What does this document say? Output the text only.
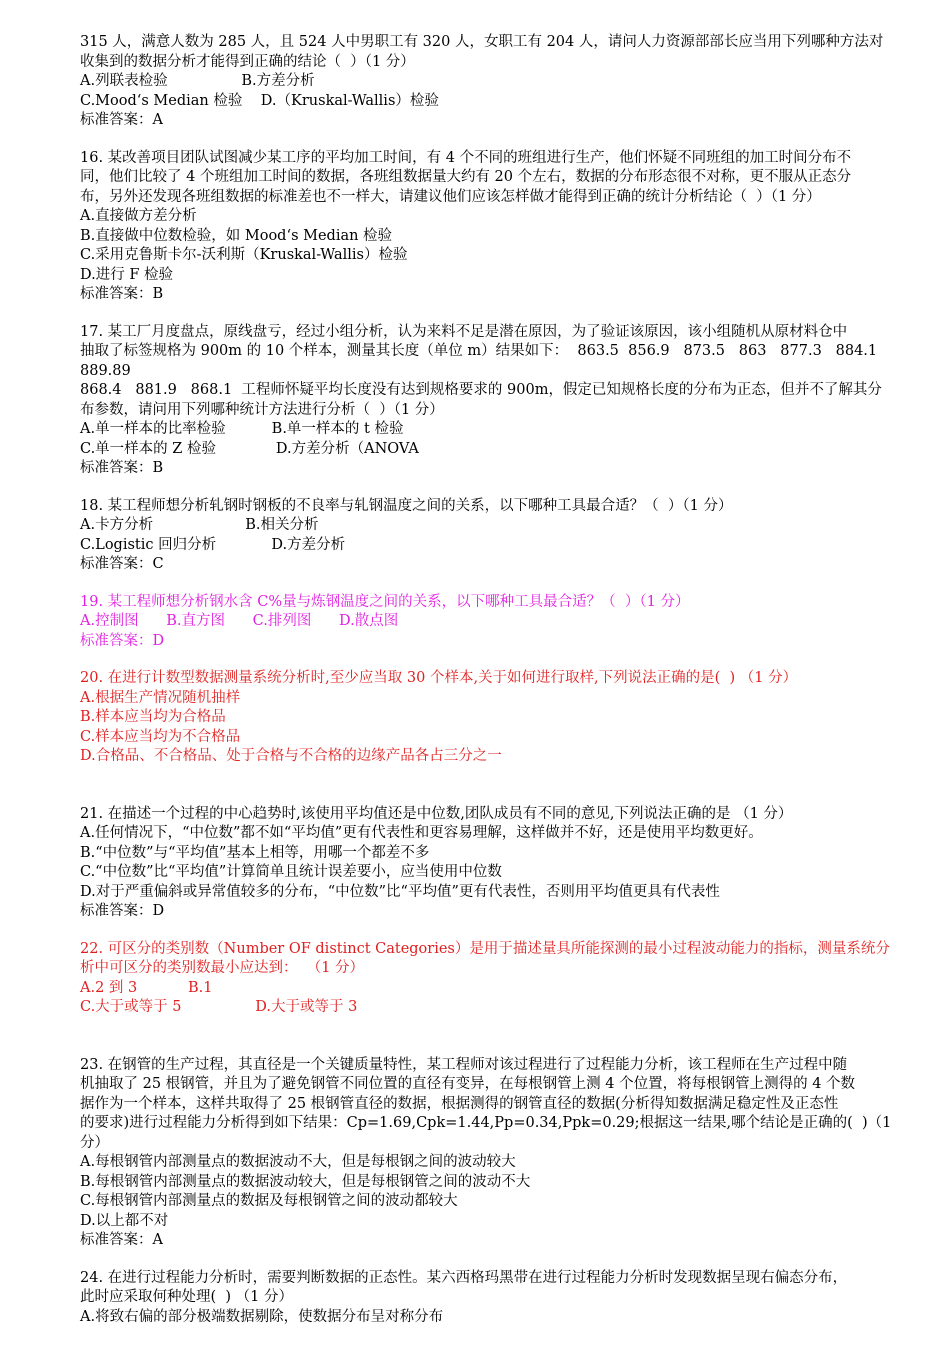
315 人，满意人数为 285 人，且 524 人中男职工有 320 人，女职工有 204 人，请问人力资源部部长应当用下列哪种方法对
收集到的数据分析才能得到正确的结论（  ）（1 分）
A.列联表检验                B.方差分析
C.Mood‘s Median 检验    D.（Kruskal-Wallis）检验
标准答案：A
16. 某改善项目团队试图减少某工序的平均加工时间，有 4 个不同的班组进行生产，他们怀疑不同班组的加工时间分布不
同，他们比较了 4 个班组加工时间的数据，各班组数据量大约有 20 个左右，数据的分布形态很不对称，更不服从正态分
布，另外还发现各班组数据的标准差也不一样大，请建议他们应该怎样做才能得到正确的统计分析结论（  ）（1 分）
A.直接做方差分析
B.直接做中位数检验，如 Mood‘s Median 检验
C.采用克鲁斯卡尔-沃利斯（Kruskal-Wallis）检验
D.进行 F 检验
标准答案：B
17. 某工厂月度盘点，原线盘亏，经过小组分析，认为来料不足是潜在原因，为了验证该原因，该小组随机从原材料仓中
抽取了标签规格为 900m 的 10 个样本，测量其长度（单位 m）结果如下：  863.5  856.9   873.5   863   877.3   884.1   889.89
868.4   881.9   868.1  工程师怀疑平均长度没有达到规格要求的 900m，假定已知规格长度的分布为正态，但并不了解其分
布参数，请问用下列哪种统计方法进行分析（  ）（1 分）
A.单一样本的比率检验          B.单一样本的 t 检验
C.单一样本的 Z 检验             D.方差分析（ANOVA
标准答案：B
18. 某工程师想分析轧钢时钢板的不良率与轧钢温度之间的关系，以下哪种工具最合适？（  ）（1 分）
A.卡方分析                    B.相关分析
C.Logistic 回归分析            D.方差分析
标准答案：C
19. 某工程师想分析钢水含 C%量与炼钢温度之间的关系，以下哪种工具最合适？（  ）（1 分）
A.控制图      B.直方图      C.排列图      D.散点图
标准答案：D
20. 在进行计数型数据测量系统分析时,至少应当取 30 个样本,关于如何进行取样,下列说法正确的是(  ) （1 分）
A.根据生产情况随机抽样
B.样本应当均为合格品
C.样本应当均为不合格品
D.合格品、不合格品、处于合格与不合格的边缘产品各占三分之一
21. 在描述一个过程的中心趋势时,该使用平均值还是中位数,团队成员有不同的意见,下列说法正确的是 （1 分）
A.任何情况下，“中位数”都不如“平均值”更有代表性和更容易理解，这样做并不好，还是使用平均数更好。
B.“中位数”与“平均值”基本上相等，用哪一个都差不多
C.“中位数”比“平均值”计算简单且统计误差要小，应当使用中位数
D.对于严重偏斜或异常值较多的分布，“中位数”比“平均值”更有代表性，否则用平均值更具有代表性
标准答案：D
22. 可区分的类别数（Number OF distinct Categories）是用于描述量具所能探测的最小过程波动能力的指标，测量系统分
析中可区分的类别数最小应达到：  （1 分）
A.2 到 3           B.1
C.大于或等于 5                D.大于或等于 3
23. 在钢管的生产过程，其直径是一个关键质量特性，某工程师对该过程进行了过程能力分析，该工程师在生产过程中随
机抽取了 25 根钢管，并且为了避免钢管不同位置的直径有变异，在每根钢管上测 4 个位置，将每根钢管上测得的 4 个数
据作为一个样本，这样共取得了 25 根钢管直径的数据，根据测得的钢管直径的数据(分析得知数据满足稳定性及正态性
的要求)进行过程能力分析得到如下结果：Cp=1.69,Cpk=1.44,Pp=0.34,Ppk=0.29;根据这一结果,哪个结论是正确的(  )（1
分）
A.每根钢管内部测量点的数据波动不大，但是每根钢之间的波动较大
B.每根钢管内部测量点的数据波动较大，但是每根钢管之间的波动不大
C.每根钢管内部测量点的数据及每根钢管之间的波动都较大
D.以上都不对
标准答案：A
24. 在进行过程能力分析时，需要判断数据的正态性。某六西格玛黑带在进行过程能力分析时发现数据呈现右偏态分布，
此时应采取何种处理(  ) （1 分）
A.将致右偏的部分极端数据剔除，使数据分布呈对称分布
